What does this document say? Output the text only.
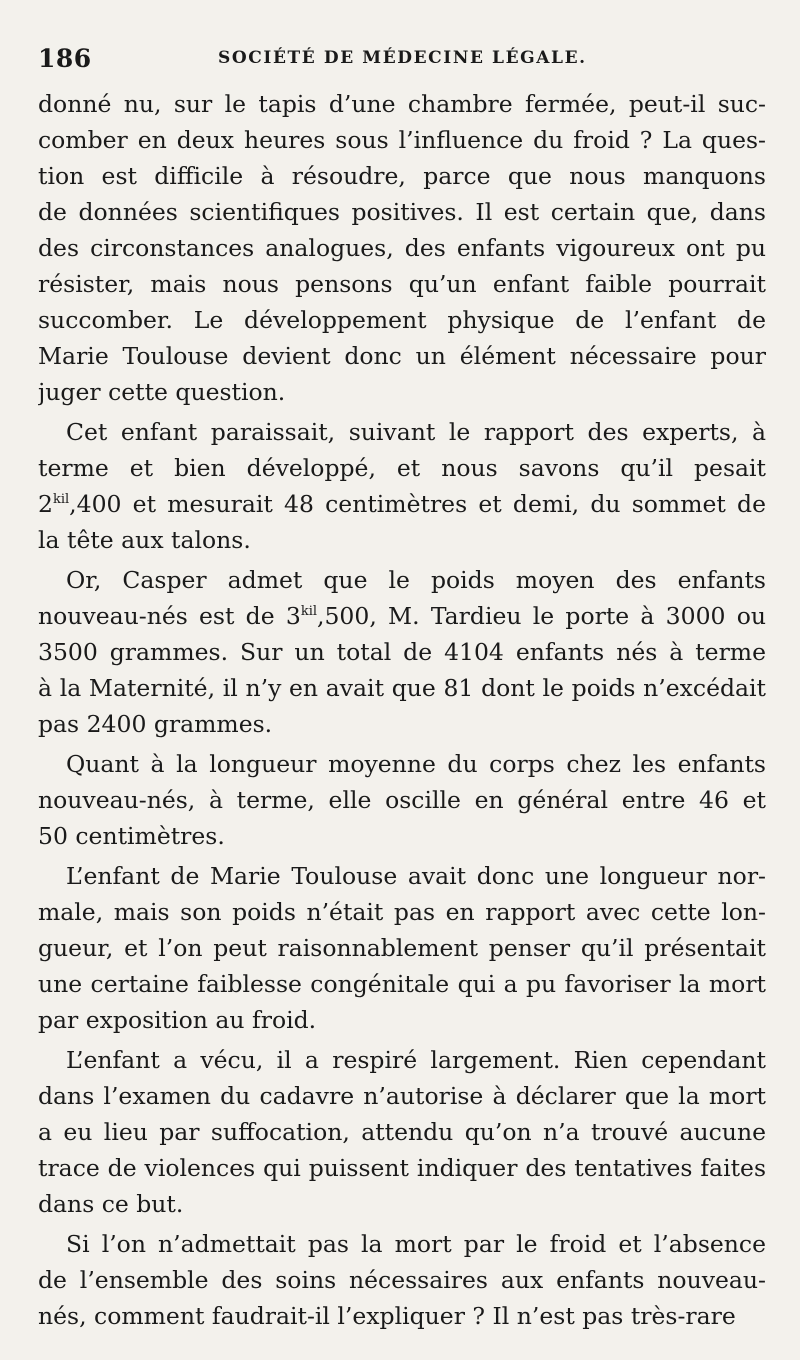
186	SOCIÉTÉ DE MÉDECINE LÉGALE.
donné nu, sur le tapis d’une chambre fermée, peut-il suc-
comber en deux heures sous l’influence du froid ? La ques-
tion est difficile à résoudre, parce que nous manquons
de données scientifiques positives. Il est certain que, dans
des circonstances analogues, des enfants vigoureux ont pu
résister, mais nous pensons qu’un enfant faible pourrait
succomber. Le développement physique de l’enfant de
Marie Toulouse devient donc un élément nécessaire pour
juger cette question.
Cet enfant paraissait, suivant le rapport des experts, à
terme et bien développé, et nous savons qu’il pesait
$2^{kil},400$ et mesurait 48 centimètres et demi, du sommet de
la tête aux talons.
Or, Casper admet que le poids moyen des enfants
nouveau-nés est de $3^{kil},500$, M. Tardieu le porte à 3000 ou
3500 grammes. Sur un total de 4104 enfants nés à terme
à la Maternité, il n’y en avait que 81 dont le poids n’excédait
pas 2400 grammes.
Quant à la longueur moyenne du corps chez les enfants
nouveau-nés, à terme, elle oscille en général entre 46 et
50 centimètres.
L’enfant de Marie Toulouse avait donc une longueur nor-
male, mais son poids n’était pas en rapport avec cette lon-
gueur, et l’on peut raisonnablement penser qu’il présentait
une certaine faiblesse congénitale qui a pu favoriser la mort
par exposition au froid.
L’enfant a vécu, il a respiré largement. Rien cependant
dans l’examen du cadavre n’autorise à déclarer que la mort
a eu lieu par suffocation, attendu qu’on n’a trouvé aucune
trace de violences qui puissent indiquer des tentatives faites
dans ce but.
Si l’on n’admettait pas la mort par le froid et l’absence
de l’ensemble des soins nécessaires aux enfants nouveau-
nés, comment faudrait-il l’expliquer ? Il n’est pas très-rare
